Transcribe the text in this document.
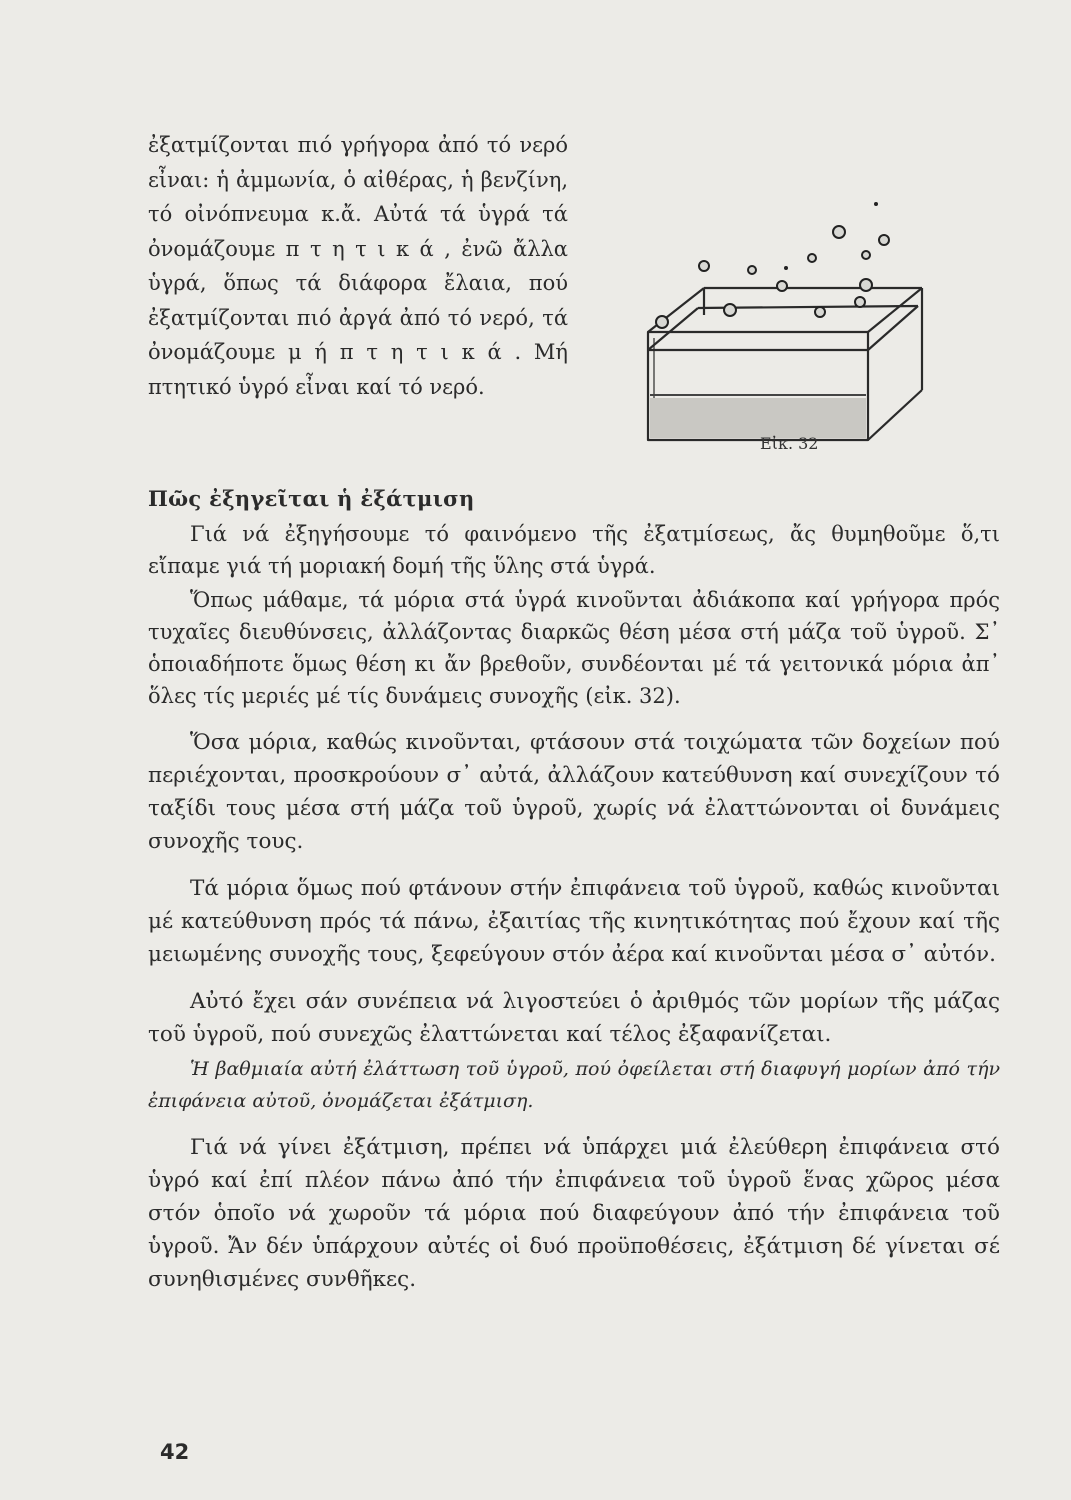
ἐξατμίζονται πιό γρήγορα ἀπό τό νερό εἶναι: ἡ ἀμμωνία, ὁ αἰθέρας, ἡ βενζίνη, τό οἰνόπνευμα κ.ἄ. Αὐτά τά ὑγρά τά ὀνομάζουμε π τ η τ ι κ ά , ἐνῶ ἄλλα ὑγρά, ὅπως τά διάφορα ἔλαια, πού ἐξατμίζονται πιό ἀργά ἀπό τό νερό, τά ὀνομάζουμε μ ή π τ η τ ι κ ά . Μή πτητικό ὑγρό εἶναι καί τό νερό.

Εἰκ. 32
Πῶς ἐξηγεῖται ἡ ἐξάτμιση

Γιά νά ἐξηγήσουμε τό φαινόμενο τῆς ἐξατμίσεως, ἄς θυμηθοῦμε ὅ,τι εἴπαμε γιά τή μοριακή δομή τῆς ὕλης στά ὑγρά.

Ὅπως μάθαμε, τά μόρια στά ὑγρά κινοῦνται ἀδιάκοπα καί γρήγορα πρός τυχαῖες διευθύνσεις, ἀλλάζοντας διαρκῶς θέση μέσα στή μάζα τοῦ ὑγροῦ. Σ᾽ ὁποιαδήποτε ὅμως θέση κι ἄν βρεθοῦν, συνδέονται μέ τά γειτονικά μόρια ἀπ᾽ ὅλες τίς μεριές μέ τίς δυνάμεις συνοχῆς (εἰκ. 32).

Ὅσα μόρια, καθώς κινοῦνται, φτάσουν στά τοιχώματα τῶν δοχείων πού περιέχονται, προσκρούουν σ᾽ αὐτά, ἀλλάζουν κατεύθυνση καί συνεχίζουν τό ταξίδι τους μέσα στή μάζα τοῦ ὑγροῦ, χωρίς νά ἐλαττώνονται οἱ δυνάμεις συνοχῆς τους.

Τά μόρια ὅμως πού φτάνουν στήν ἐπιφάνεια τοῦ ὑγροῦ, καθώς κινοῦνται μέ κατεύθυνση πρός τά πάνω, ἐξαιτίας τῆς κινητικότητας πού ἔχουν καί τῆς μειωμένης συνοχῆς τους, ξεφεύγουν στόν ἀέρα καί κινοῦνται μέσα σ᾽ αὐτόν.

Αὐτό ἔχει σάν συνέπεια νά λιγοστεύει ὁ ἀριθμός τῶν μορίων τῆς μάζας τοῦ ὑγροῦ, πού συνεχῶς ἐλαττώνεται καί τέλος ἐξαφανίζεται.

Ἡ βαθμιαία αὐτή ἐλάττωση τοῦ ὑγροῦ, πού ὀφείλεται στή διαφυγή μορίων ἀπό τήν ἐπιφάνεια αὐτοῦ, ὀνομάζεται ἐξάτμιση.

Γιά νά γίνει ἐξάτμιση, πρέπει νά ὑπάρχει μιά ἐλεύθερη ἐπιφάνεια στό ὑγρό καί ἐπί πλέον πάνω ἀπό τήν ἐπιφάνεια τοῦ ὑγροῦ ἕνας χῶρος μέσα στόν ὁποῖο νά χωροῦν τά μόρια πού διαφεύγουν ἀπό τήν ἐπιφάνεια τοῦ ὑγροῦ. Ἄν δέν ὑπάρχουν αὐτές οἱ δυό προϋποθέσεις, ἐξάτμιση δέ γίνεται σέ συνηθισμένες συνθῆκες.

42
